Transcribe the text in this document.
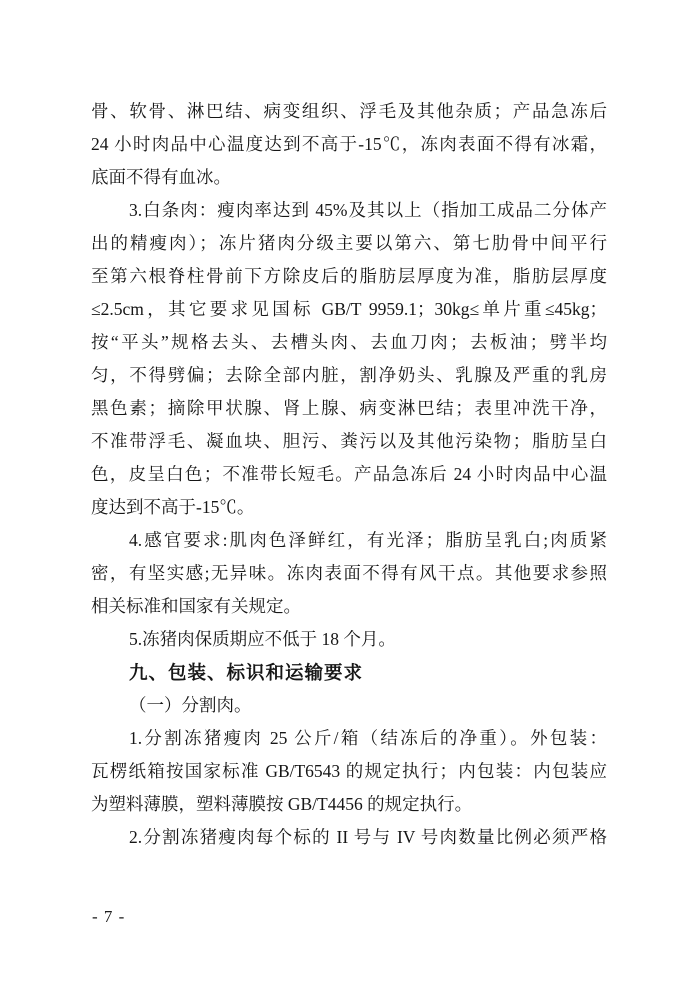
骨、软骨、淋巴结、病变组织、浮毛及其他杂质；产品急冻后
24 小时肉品中心温度达到不高于-15℃，冻肉表面不得有冰霜，
底面不得有血冰。
3.白条肉：瘦肉率达到 45%及其以上（指加工成品二分体产
出的精瘦肉）；冻片猪肉分级主要以第六、第七肋骨中间平行
至第六根脊柱骨前下方除皮后的脂肪层厚度为准，脂肪层厚度
≤2.5cm，其它要求见国标 GB/T 9959.1；30kg≤单片重≤45kg；
按“平头”规格去头、去槽头肉、去血刀肉；去板油；劈半均
匀，不得劈偏；去除全部内脏，割净奶头、乳腺及严重的乳房
黑色素；摘除甲状腺、肾上腺、病变淋巴结；表里冲洗干净，
不准带浮毛、凝血块、胆污、粪污以及其他污染物；脂肪呈白
色，皮呈白色；不准带长短毛。产品急冻后 24 小时肉品中心温
度达到不高于-15℃。
4.感官要求:肌肉色泽鲜红，有光泽；脂肪呈乳白;肉质紧
密，有坚实感;无异味。冻肉表面不得有风干点。其他要求参照
相关标准和国家有关规定。
5.冻猪肉保质期应不低于 18 个月。
九、包装、标识和运输要求
（一）分割肉。
1.分割冻猪瘦肉 25 公斤/箱（结冻后的净重）。外包装：
瓦楞纸箱按国家标准 GB/T6543 的规定执行；内包装：内包装应
为塑料薄膜，塑料薄膜按 GB/T4456 的规定执行。
2.分割冻猪瘦肉每个标的 II 号与 IV 号肉数量比例必须严格
- 7 -
